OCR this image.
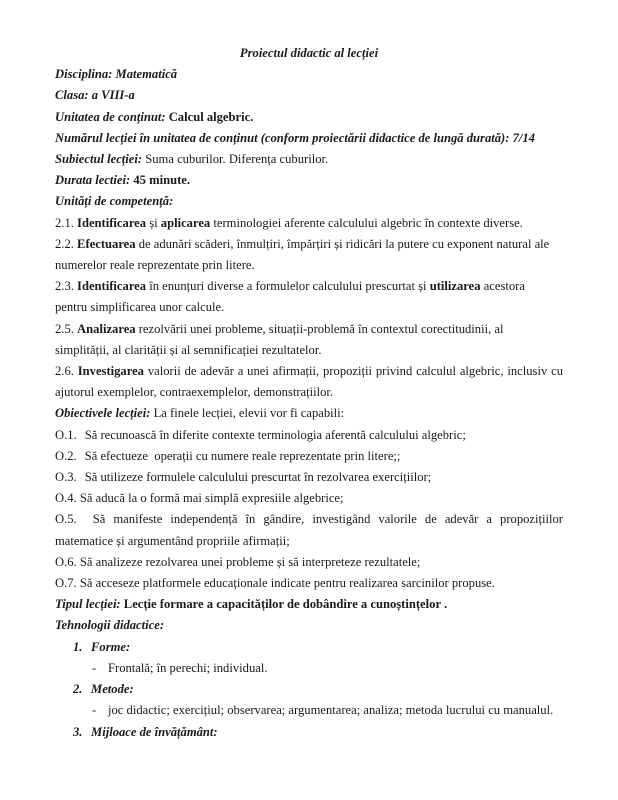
Proiectul didactic al lecției
Disciplina: Matematică
Clasa: a VIII-a
Unitatea de conținut: Calcul algebric.
Numărul lecției în unitatea de conținut (conform proiectării didactice de lungă durată): 7/14
Subiectul lecției: Suma cuburilor. Diferența cuburilor.
Durata lectiei: 45 minute.
Unități de competență:
2.1. Identificarea și aplicarea terminologiei aferente calculului algebric în contexte diverse.
2.2. Efectuarea de adunări scăderi, înmulțiri, împărțiri și ridicări la putere cu exponent natural ale numerelor reale reprezentate prin litere.
2.3. Identificarea în enunțuri diverse a formulelor calculului prescurtat și utilizarea acestora pentru simplificarea unor calcule.
2.5. Analizarea rezolvării unei probleme, situații-problemă în contextul corectitudinii, al simplității, al clarității și al semnificației rezultatelor.
2.6. Investigarea valorii de adevăr a unei afirmații, propoziții privind calculul algebric, inclusiv cu ajutorul exemplelor, contraexemplelor, demonstrațiilor.
Obiectivele lecției: La finele lecției, elevii vor fi capabili:
O.1. Să recunoască în diferite contexte terminologia aferentă calculului algebric;
O.2. Să efectueze  operații cu numere reale reprezentate prin litere;;
O.3. Să utilizeze formulele calculului prescurtat în rezolvarea exercițiilor;
O.4. Să aducă la o formă mai simplă expresiile algebrice;
O.5. Să manifeste independență în gândire, investigând valorile de adevăr a propozițiilor matematice și argumentând propriile afirmații;
O.6. Să analizeze rezolvarea unei probleme și să interpreteze rezultatele;
O.7. Să acceseze platformele educaționale indicate pentru realizarea sarcinilor propuse.
Tipul lecției: Lecție formare a capacităților de dobândire a cunoștințelor .
Tehnologii didactice:
1. Forme:
- Frontală; în perechi; individual.
2. Metode:
- joc didactic; exercițiul; observarea; argumentarea; analiza; metoda lucrului cu manualul.
3. Mijloace de învățământ:
